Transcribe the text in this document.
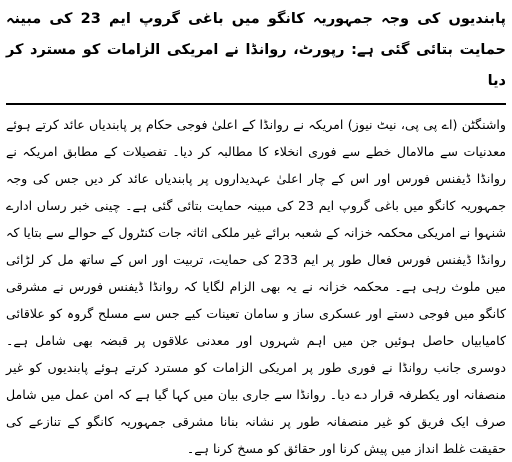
پابندیوں کی وجہ جمہوریہ کانگو میں باغی گروپ ایم 23 کی مبینہ حمایت بتائی گئی ہے: رپورٹ، روانڈا نے امریکی الزامات کو مسترد کر دیا

واشنگٹن (اے پی پی، نیٹ نیوز) امریکہ نے روانڈا کے اعلیٰ فوجی حکام پر پابندیاں عائد کرتے ہوئے معدنیات سے مالامال خطے سے فوری انخلاء کا مطالبہ کر دیا۔ تفصیلات کے مطابق امریکہ نے روانڈا ڈیفنس فورس اور اس کے چار اعلیٰ عہدیداروں پر پابندیاں عائد کر دیں جس کی وجہ جمہوریہ کانگو میں باغی گروپ ایم 23 کی مبینہ حمایت بتائی گئی ہے۔ چینی خبر رساں ادارے شنہوا نے امریکی محکمہ خزانہ کے شعبہ برائے غیر ملکی اثاثہ جات کنٹرول کے حوالے سے بتایا کہ روانڈا ڈیفنس فورس فعال طور پر ایم 233 کی حمایت، تربیت اور اس کے ساتھ مل کر لڑائی میں ملوث رہی ہے۔ محکمہ خزانہ نے یہ بھی الزام لگایا کہ روانڈا ڈیفنس فورس نے مشرقی کانگو میں فوجی دستے اور عسکری ساز و سامان تعینات کیے جس سے مسلح گروہ کو علاقائی کامیابیاں حاصل ہوئیں جن میں اہم شہروں اور معدنی علاقوں پر قبضہ بھی شامل ہے۔ دوسری جانب روانڈا نے فوری طور پر امریکی الزامات کو مسترد کرتے ہوئے پابندیوں کو غیر منصفانہ اور یکطرفہ قرار دے دیا۔ روانڈا سے جاری بیان میں کہا گیا ہے کہ امن عمل میں شامل صرف ایک فریق کو غیر منصفانہ طور پر نشانہ بنانا مشرقی جمہوریہ کانگو کے تنازعے کی حقیقت غلط انداز میں پیش کرنا اور حقائق کو مسخ کرنا ہے۔
